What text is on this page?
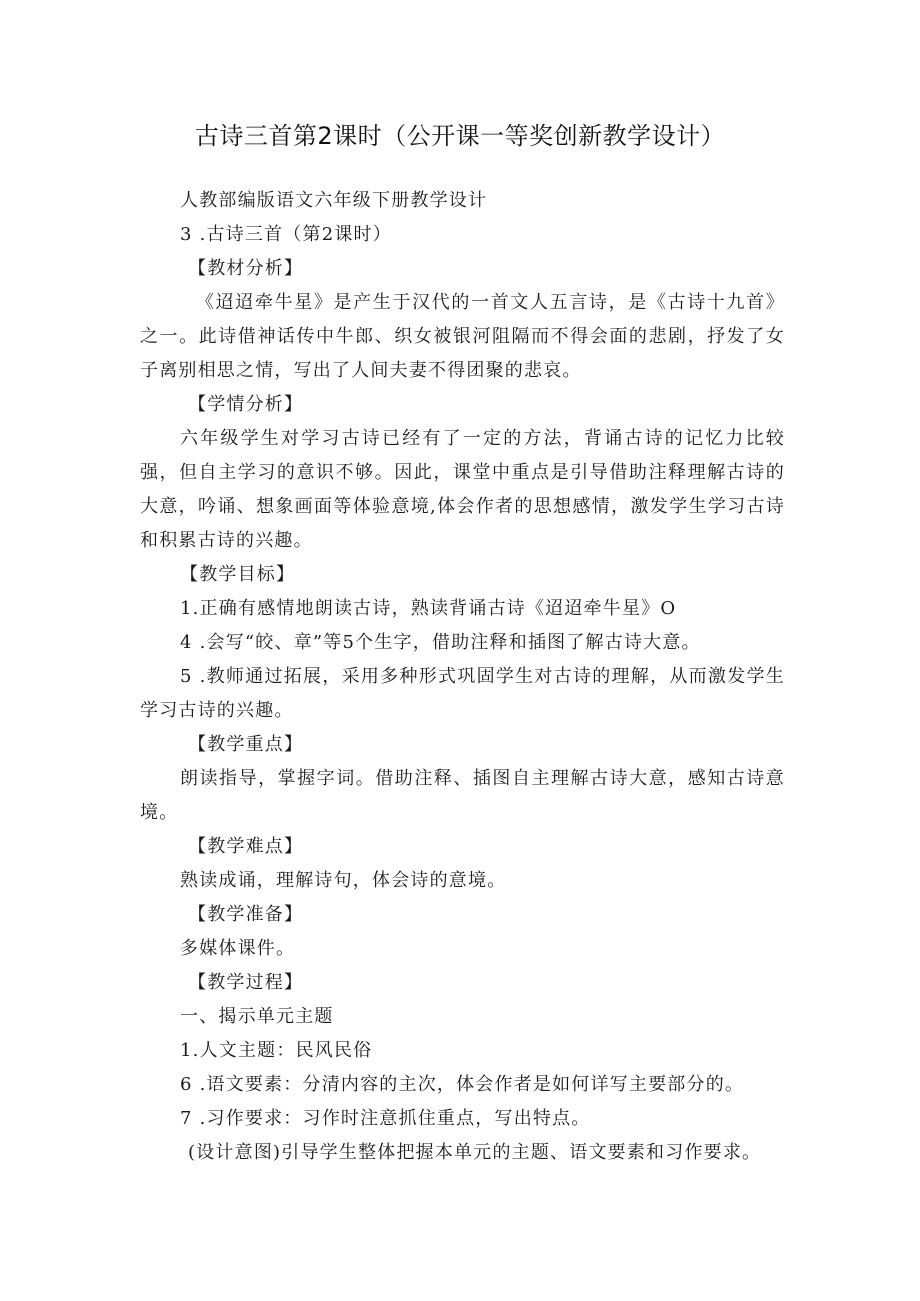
古诗三首第2课时（公开课一等奖创新教学设计）

人教部编版语文六年级下册教学设计

3 .古诗三首（第2课时）

【教材分析】

《迢迢牵牛星》是产生于汉代的一首文人五言诗，是《古诗十九首》之一。此诗借神话传中牛郎、织女被银河阻隔而不得会面的悲剧，抒发了女子离别相思之情，写出了人间夫妻不得团聚的悲哀。

【学情分析】

六年级学生对学习古诗已经有了一定的方法，背诵古诗的记忆力比较强，但自主学习的意识不够。因此，课堂中重点是引导借助注释理解古诗的大意，吟诵、想象画面等体验意境,体会作者的思想感情，激发学生学习古诗和积累古诗的兴趣。

【教学目标】

1.正确有感情地朗读古诗，熟读背诵古诗《迢迢牵牛星》O

4 .会写“皎、章”等5个生字，借助注释和插图了解古诗大意。

5 .教师通过拓展，采用多种形式巩固学生对古诗的理解，从而激发学生学习古诗的兴趣。

【教学重点】

朗读指导，掌握字词。借助注释、插图自主理解古诗大意，感知古诗意境。

【教学难点】

熟读成诵，理解诗句，体会诗的意境。

【教学准备】

多媒体课件。

【教学过程】

一、揭示单元主题

1.人文主题：民风民俗

6 .语文要素：分清内容的主次，体会作者是如何详写主要部分的。

7 .习作要求：习作时注意抓住重点，写出特点。

(设计意图)引导学生整体把握本单元的主题、语文要素和习作要求。
